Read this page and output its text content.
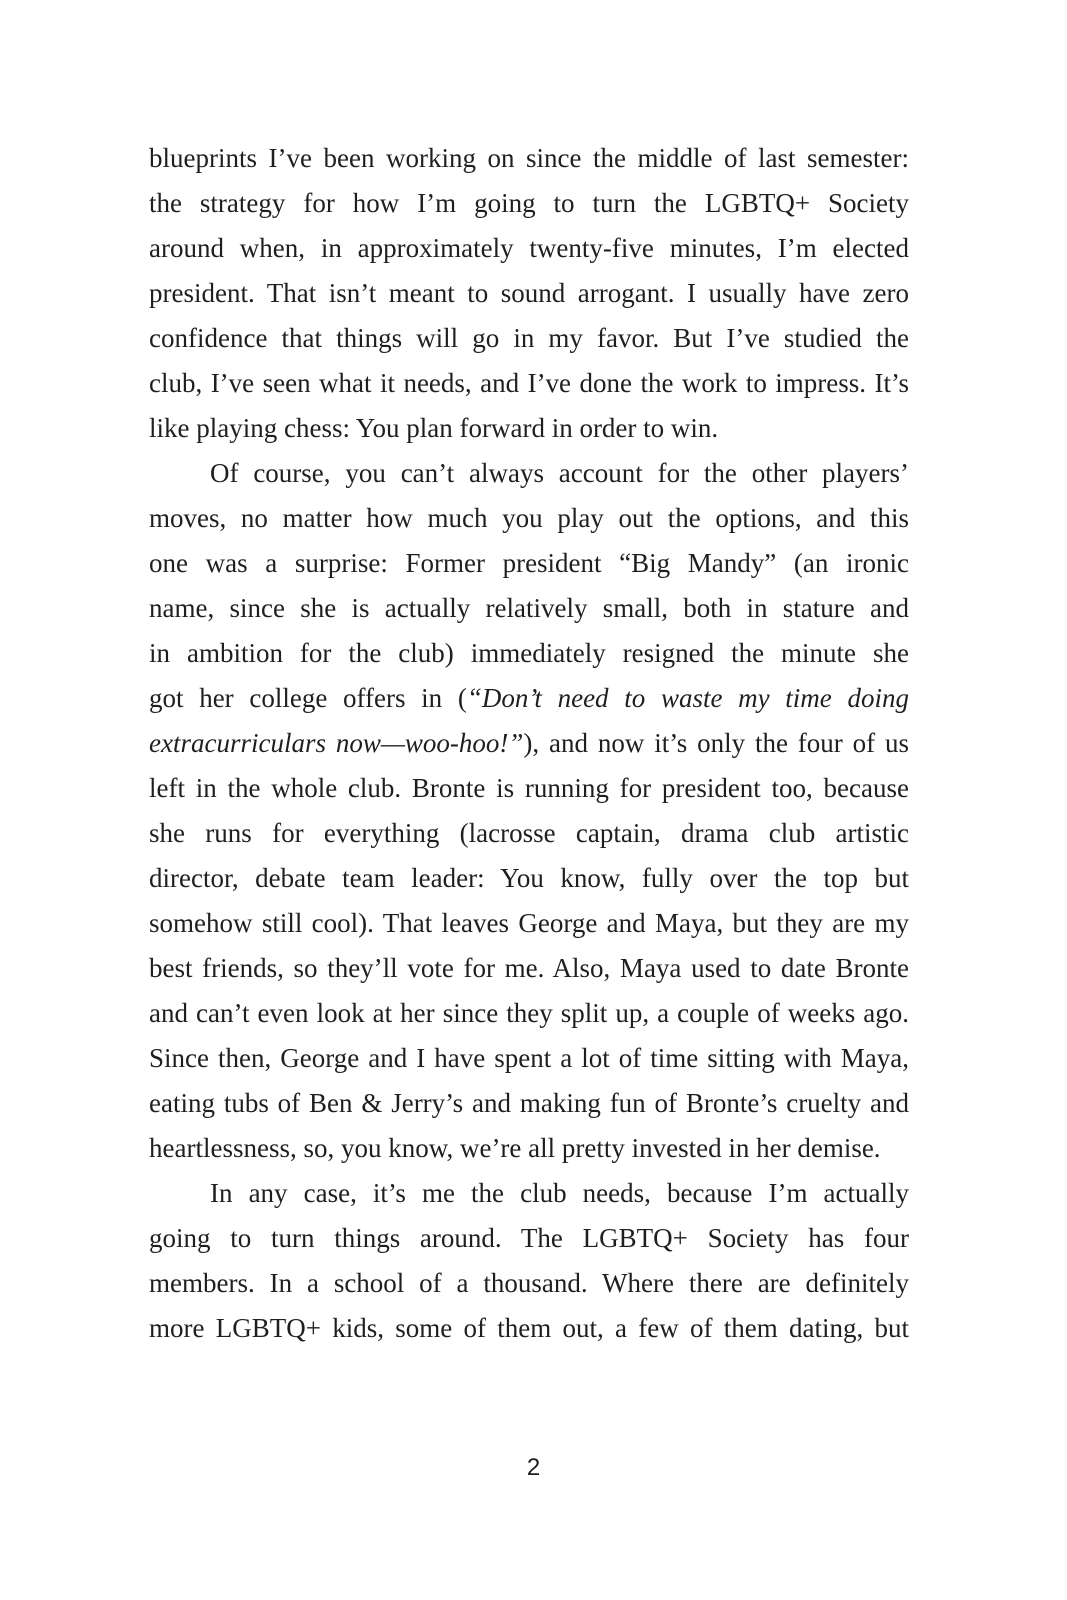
blueprints I’ve been working on since the middle of last semester:
the strategy for how I’m going to turn the LGBTQ+ Society
around when, in approximately twenty-five minutes, I’m elected
president. That isn’t meant to sound arrogant. I usually have zero
confidence that things will go in my favor. But I’ve studied the
club, I’ve seen what it needs, and I’ve done the work to impress. It’s
like playing chess: You plan forward in order to win.
Of course, you can’t always account for the other players’
moves, no matter how much you play out the options, and this
one was a surprise: Former president “Big Mandy” (an ironic
name, since she is actually relatively small, both in stature and
in ambition for the club) immediately resigned the minute she
got her college offers in (“Don’t need to waste my time doing
extracurriculars now—woo-hoo!”), and now it’s only the four of us
left in the whole club. Bronte is running for president too, because
she runs for everything (lacrosse captain, drama club artistic
director, debate team leader: You know, fully over the top but
somehow still cool). That leaves George and Maya, but they are my
best friends, so they’ll vote for me. Also, Maya used to date Bronte
and can’t even look at her since they split up, a couple of weeks ago.
Since then, George and I have spent a lot of time sitting with Maya,
eating tubs of Ben & Jerry’s and making fun of Bronte’s cruelty and
heartlessness, so, you know, we’re all pretty invested in her demise.
In any case, it’s me the club needs, because I’m actually
going to turn things around. The LGBTQ+ Society has four
members. In a school of a thousand. Where there are definitely
more LGBTQ+ kids, some of them out, a few of them dating, but
2
